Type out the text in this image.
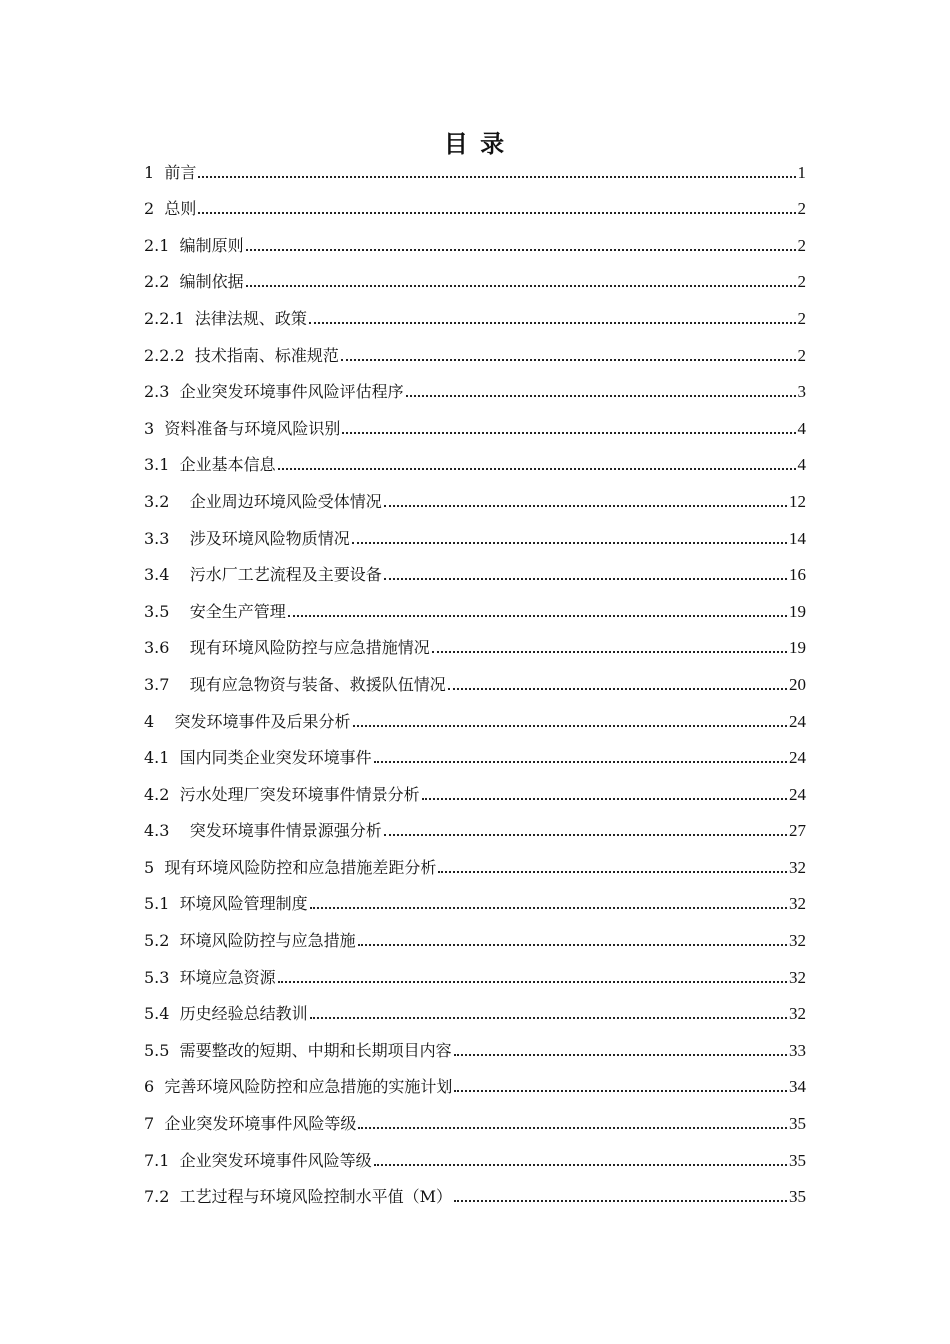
目 录
1  前言	1
2  总则	2
2.1  编制原则	2
2.2  编制依据	2
2.2.1  法律法规、政策	2
2.2.2  技术指南、标准规范	2
2.3  企业突发环境事件风险评估程序	3
3  资料准备与环境风险识别	4
3.1  企业基本信息	4
3.2    企业周边环境风险受体情况	12
3.3    涉及环境风险物质情况	14
3.4    污水厂工艺流程及主要设备	16
3.5    安全生产管理	19
3.6    现有环境风险防控与应急措施情况	19
3.7    现有应急物资与装备、救援队伍情况	20
4    突发环境事件及后果分析	24
4.1  国内同类企业突发环境事件	24
4.2  污水处理厂突发环境事件情景分析	24
4.3    突发环境事件情景源强分析	27
5  现有环境风险防控和应急措施差距分析	32
5.1  环境风险管理制度	32
5.2  环境风险防控与应急措施	32
5.3  环境应急资源	32
5.4  历史经验总结教训	32
5.5  需要整改的短期、中期和长期项目内容	33
6  完善环境风险防控和应急措施的实施计划	34
7  企业突发环境事件风险等级	35
7.1  企业突发环境事件风险等级	35
7.2  工艺过程与环境风险控制水平值（M）	35
